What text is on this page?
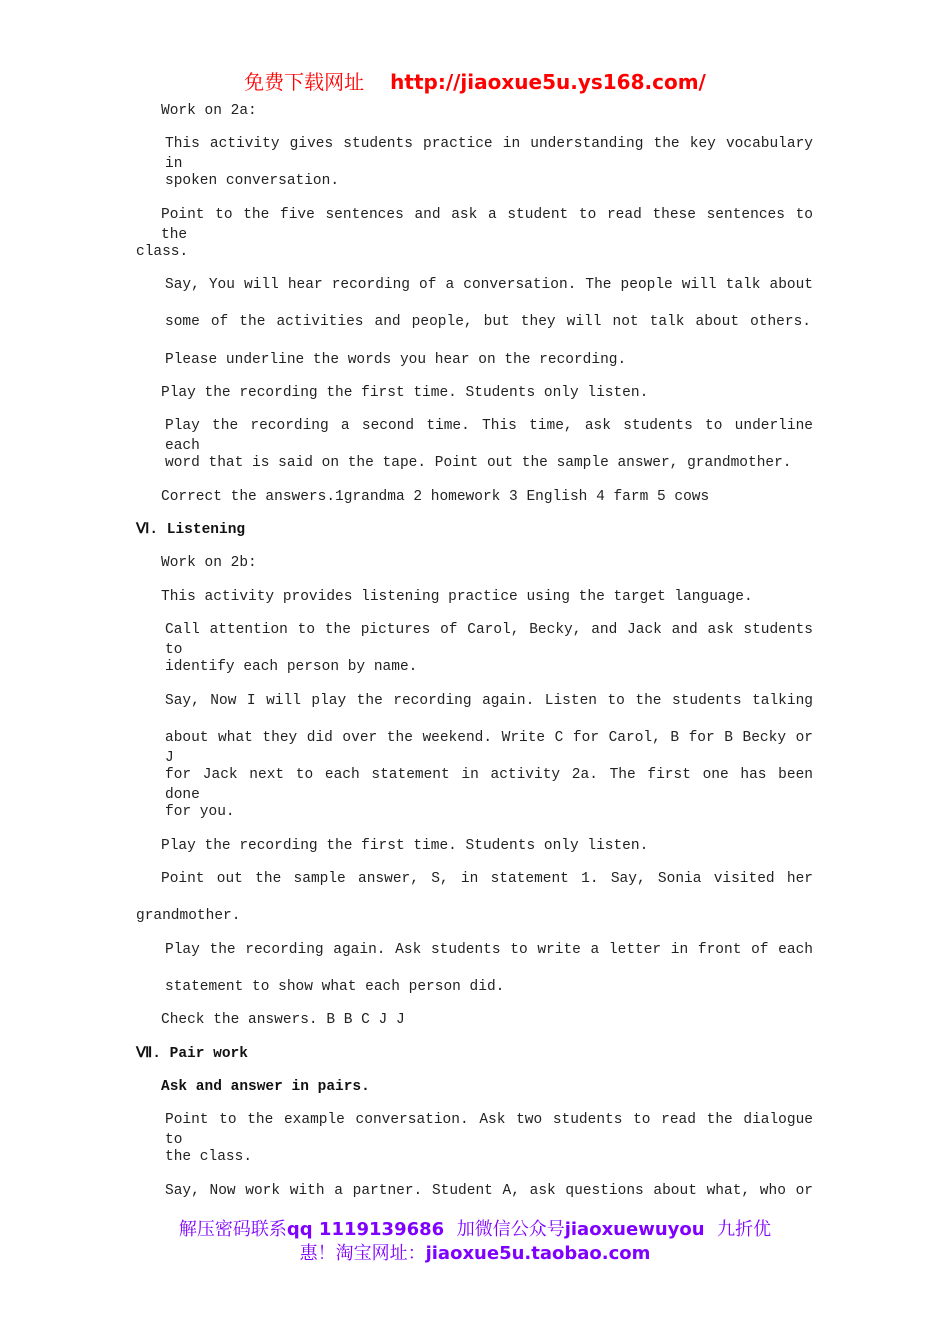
免费下载网址 http://jiaoxue5u.ys168.com/
Work on 2a:
This activity gives students practice in understanding the key vocabulary in
spoken conversation.
Point to the five sentences and ask a student to read these sentences to the
class.
Say, You will hear recording of a conversation. The people will talk about
some of the activities and people, but they will not talk about others.
Please underline the words you hear on the recording.
Play the recording the first time. Students only listen.
Play the recording a second time. This time, ask students to underline each
word that is said on the tape. Point out the sample answer, grandmother.
Correct the answers.1grandma 2 homework 3 English 4 farm 5 cows
Work on 2b:
This activity provides listening practice using the target language.
Call attention to the pictures of Carol, Becky, and Jack and ask students to
identify each person by name.
Say, Now I will play the recording again. Listen to the students talking
about what they did over the weekend. Write C for Carol, B for B Becky or J
for Jack next to each statement in activity 2a. The first one has been done
for you.
Play the recording the first time. Students only listen.
Point out the sample answer, S, in statement 1. Say, Sonia visited her
grandmother.
Play the recording again. Ask students to write a letter in front of each
statement to show what each person did.
Check the answers. B B C J J
Point to the example conversation. Ask two students to read the dialogue to
the class.
Say, Now work with a partner. Student A, ask questions about what, who or
Ⅵ. Listening
Ⅶ. Pair work
Ask and answer in pairs.
解压密码联系qq 1119139686 加微信公众号jiaoxuewuyou 九折优
惠！淘宝网址：jiaoxue5u.taobao.com
